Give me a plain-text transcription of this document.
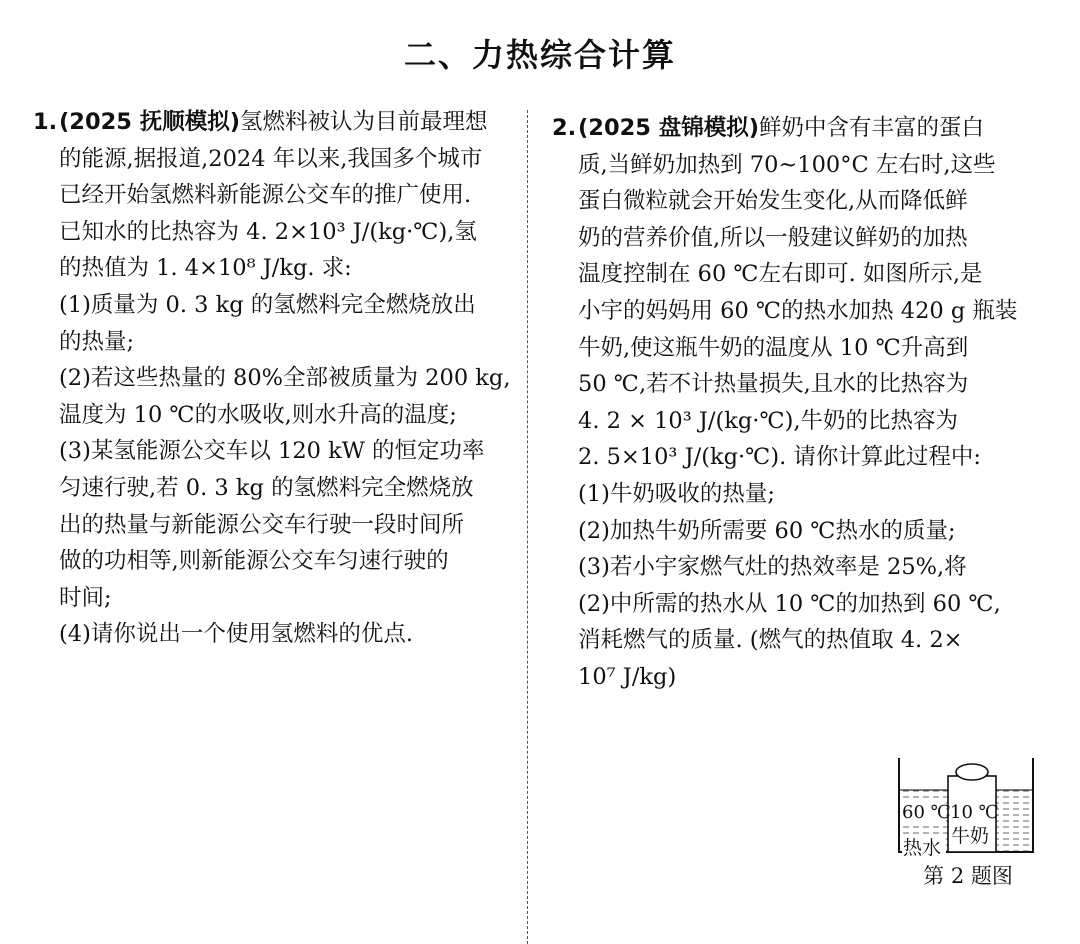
二、力热综合计算
1. (2025 抚顺模拟) 氢燃料被认为目前最理想
的能源,据报道,2024 年以来,我国多个城市
已经开始氢燃料新能源公交车的推广使用.
已知水的比热容为 4. 2×10³ J/(kg·℃),氢
的热值为 1. 4×10⁸ J/kg. 求:
(1)质量为 0. 3 kg 的氢燃料完全燃烧放出
的热量;
(2)若这些热量的 80%全部被质量为 200 kg,
温度为 10 ℃的水吸收,则水升高的温度;
(3)某氢能源公交车以 120 kW 的恒定功率
匀速行驶,若 0. 3 kg 的氢燃料完全燃烧放
出的热量与新能源公交车行驶一段时间所
做的功相等,则新能源公交车匀速行驶的
时间;
(4)请你说出一个使用氢燃料的优点.
2. (2025 盘锦模拟) 鲜奶中含有丰富的蛋白
质,当鲜奶加热到 70~100°C 左右时,这些
蛋白微粒就会开始发生变化,从而降低鲜
奶的营养价值,所以一般建议鲜奶的加热
温度控制在 60 ℃左右即可. 如图所示,是
小宇的妈妈用 60 ℃的热水加热 420 g 瓶装
牛奶,使这瓶牛奶的温度从 10 ℃升高到
50 ℃,若不计热量损失,且水的比热容为
4. 2 × 10³ J/(kg·℃),牛奶的比热容为
2. 5×10³ J/(kg·℃). 请你计算此过程中:
(1)牛奶吸收的热量;
(2)加热牛奶所需要 60 ℃热水的质量;
(3)若小宇家燃气灶的热效率是 25%,将
(2)中所需的热水从 10 ℃的加热到 60 ℃,
消耗燃气的质量. (燃气的热值取 4. 2×
10⁷ J/kg)
60 ℃ 10 ℃
牛奶
热水
第 2 题图
